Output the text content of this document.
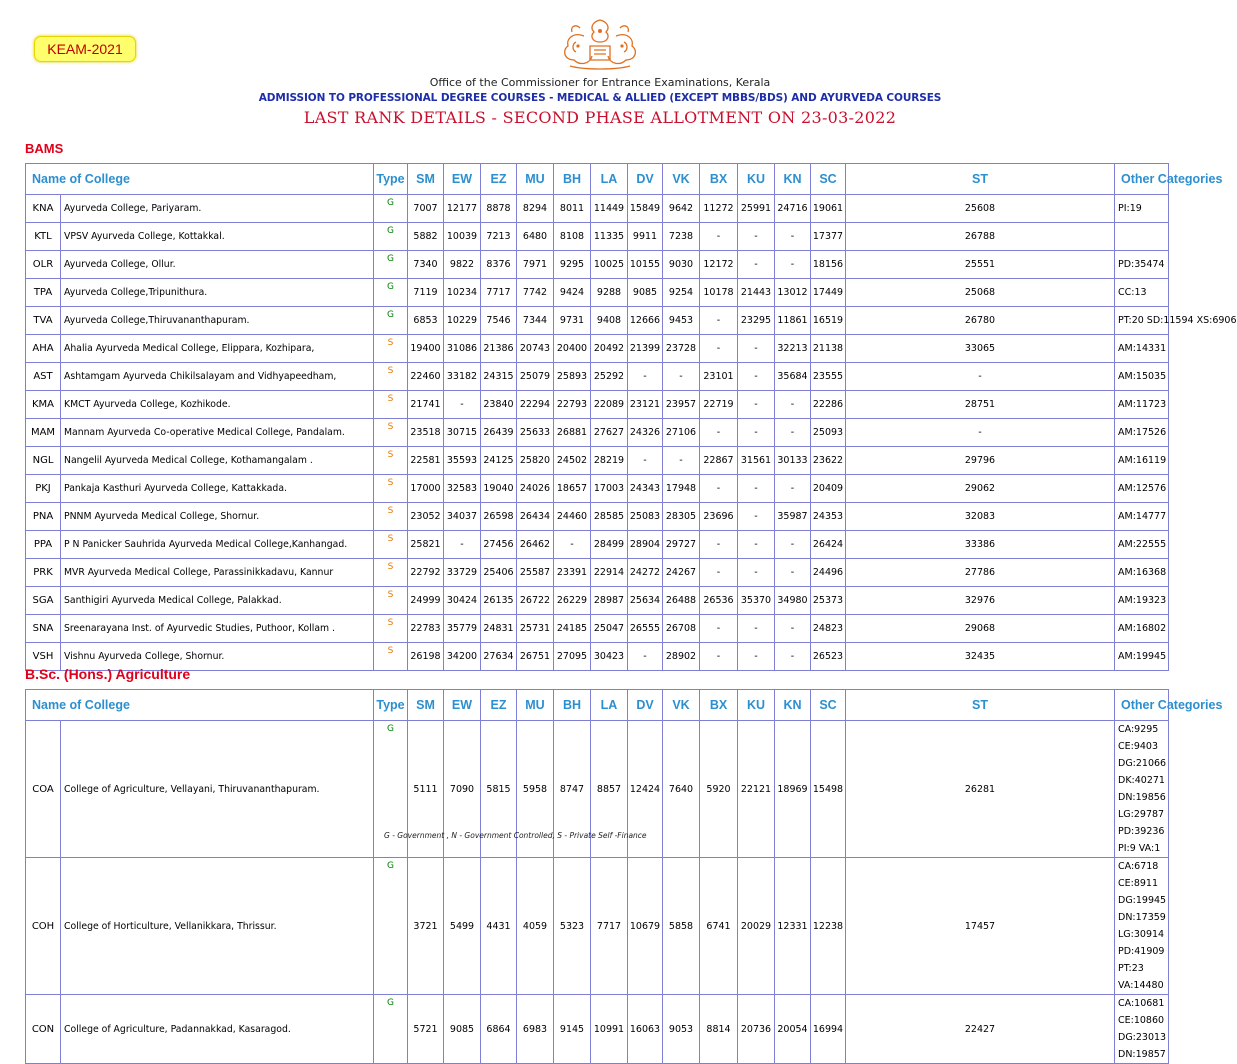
KEAM-2021
Office of the Commissioner for Entrance Examinations, Kerala
ADMISSION TO PROFESSIONAL DEGREE COURSES - MEDICAL & ALLIED (EXCEPT MBBS/BDS) AND AYURVEDA COURSES
LAST RANK DETAILS - SECOND PHASE ALLOTMENT ON 23-03-2022
BAMS
Name of College		Type	SM	EW	EZ	MU	BH	LA	DV	VK	BX	KU	KN	SC	ST	Other Categories
KNA	Ayurveda College, Pariyaram.	G	7007	12177	8878	8294	8011	11449	15849	9642	11272	25991	24716	19061	25608	PI:19
KTL	VPSV Ayurveda College, Kottakkal.	G	5882	10039	7213	6480	8108	11335	9911	7238	-	-	-	17377	26788	
OLR	Ayurveda College, Ollur.	G	7340	9822	8376	7971	9295	10025	10155	9030	12172	-	-	18156	25551	PD:35474
TPA	Ayurveda College,Tripunithura.	G	7119	10234	7717	7742	9424	9288	9085	9254	10178	21443	13012	17449	25068	CC:13
TVA	Ayurveda College,Thiruvananthapuram.	G	6853	10229	7546	7344	9731	9408	12666	9453	-	23295	11861	16519	26780	PT:20 SD:11594 XS:6906
AHA	Ahalia Ayurveda Medical College, Elippara, Kozhipara,	S	19400	31086	21386	20743	20400	20492	21399	23728	-	-	32213	21138	33065	AM:14331
AST	Ashtamgam Ayurveda Chikilsalayam and Vidhyapeedham,	S	22460	33182	24315	25079	25893	25292	-	-	23101	-	35684	23555	-	AM:15035
KMA	KMCT Ayurveda College, Kozhikode.	S	21741	-	23840	22294	22793	22089	23121	23957	22719	-	-	22286	28751	AM:11723
MAM	Mannam Ayurveda Co-operative Medical College, Pandalam.	S	23518	30715	26439	25633	26881	27627	24326	27106	-	-	-	25093	-	AM:17526
NGL	Nangelil Ayurveda Medical College, Kothamangalam .	S	22581	35593	24125	25820	24502	28219	-	-	22867	31561	30133	23622	29796	AM:16119
PKJ	Pankaja Kasthuri Ayurveda College, Kattakkada.	S	17000	32583	19040	24026	18657	17003	24343	17948	-	-	-	20409	29062	AM:12576
PNA	PNNM Ayurveda Medical College, Shornur.	S	23052	34037	26598	26434	24460	28585	25083	28305	23696	-	35987	24353	32083	AM:14777
PPA	P N Panicker Sauhrida Ayurveda Medical College,Kanhangad.	S	25821	-	27456	26462	-	28499	28904	29727	-	-	-	26424	33386	AM:22555
PRK	MVR Ayurveda Medical College, Parassinikkadavu, Kannur	S	22792	33729	25406	25587	23391	22914	24272	24267	-	-	-	24496	27786	AM:16368
SGA	Santhigiri Ayurveda Medical College, Palakkad.	S	24999	30424	26135	26722	26229	28987	25634	26488	26536	35370	34980	25373	32976	AM:19323
SNA	Sreenarayana Inst. of Ayurvedic Studies, Puthoor, Kollam .	S	22783	35779	24831	25731	24185	25047	26555	26708	-	-	-	24823	29068	AM:16802
VSH	Vishnu Ayurveda College, Shornur.	S	26198	34200	27634	26751	27095	30423	-	28902	-	-	-	26523	32435	AM:19945
B.Sc. (Hons.) Agriculture
Name of College		Type	SM	EW	EZ	MU	BH	LA	DV	VK	BX	KU	KN	SC	ST	Other Categories
COA	College of Agriculture, Vellayani, Thiruvananthapuram.	G	5111	7090	5815	5958	8747	8857	12424	7640	5920	22121	18969	15498	26281	CA:9295 CE:9403 DG:21066 DK:40271 DN:19856 LG:29787 PD:39236 PI:9 VA:1
COH	College of Horticulture, Vellanikkara, Thrissur.	G	3721	5499	4431	4059	5323	7717	10679	5858	6741	20029	12331	12238	17457	CA:6718 CE:8911 DG:19945 DN:17359 LG:30914 PD:41909 PT:23 VA:14480
CON	College of Agriculture, Padannakkad, Kasaragod.	G	5721	9085	6864	6983	9145	10991	16063	9053	8814	20736	20054	16994	22427	CA:10681 CE:10860 DG:23013 DN:19857
G - Government , N - Government Controlled, S - Private Self -Finance
